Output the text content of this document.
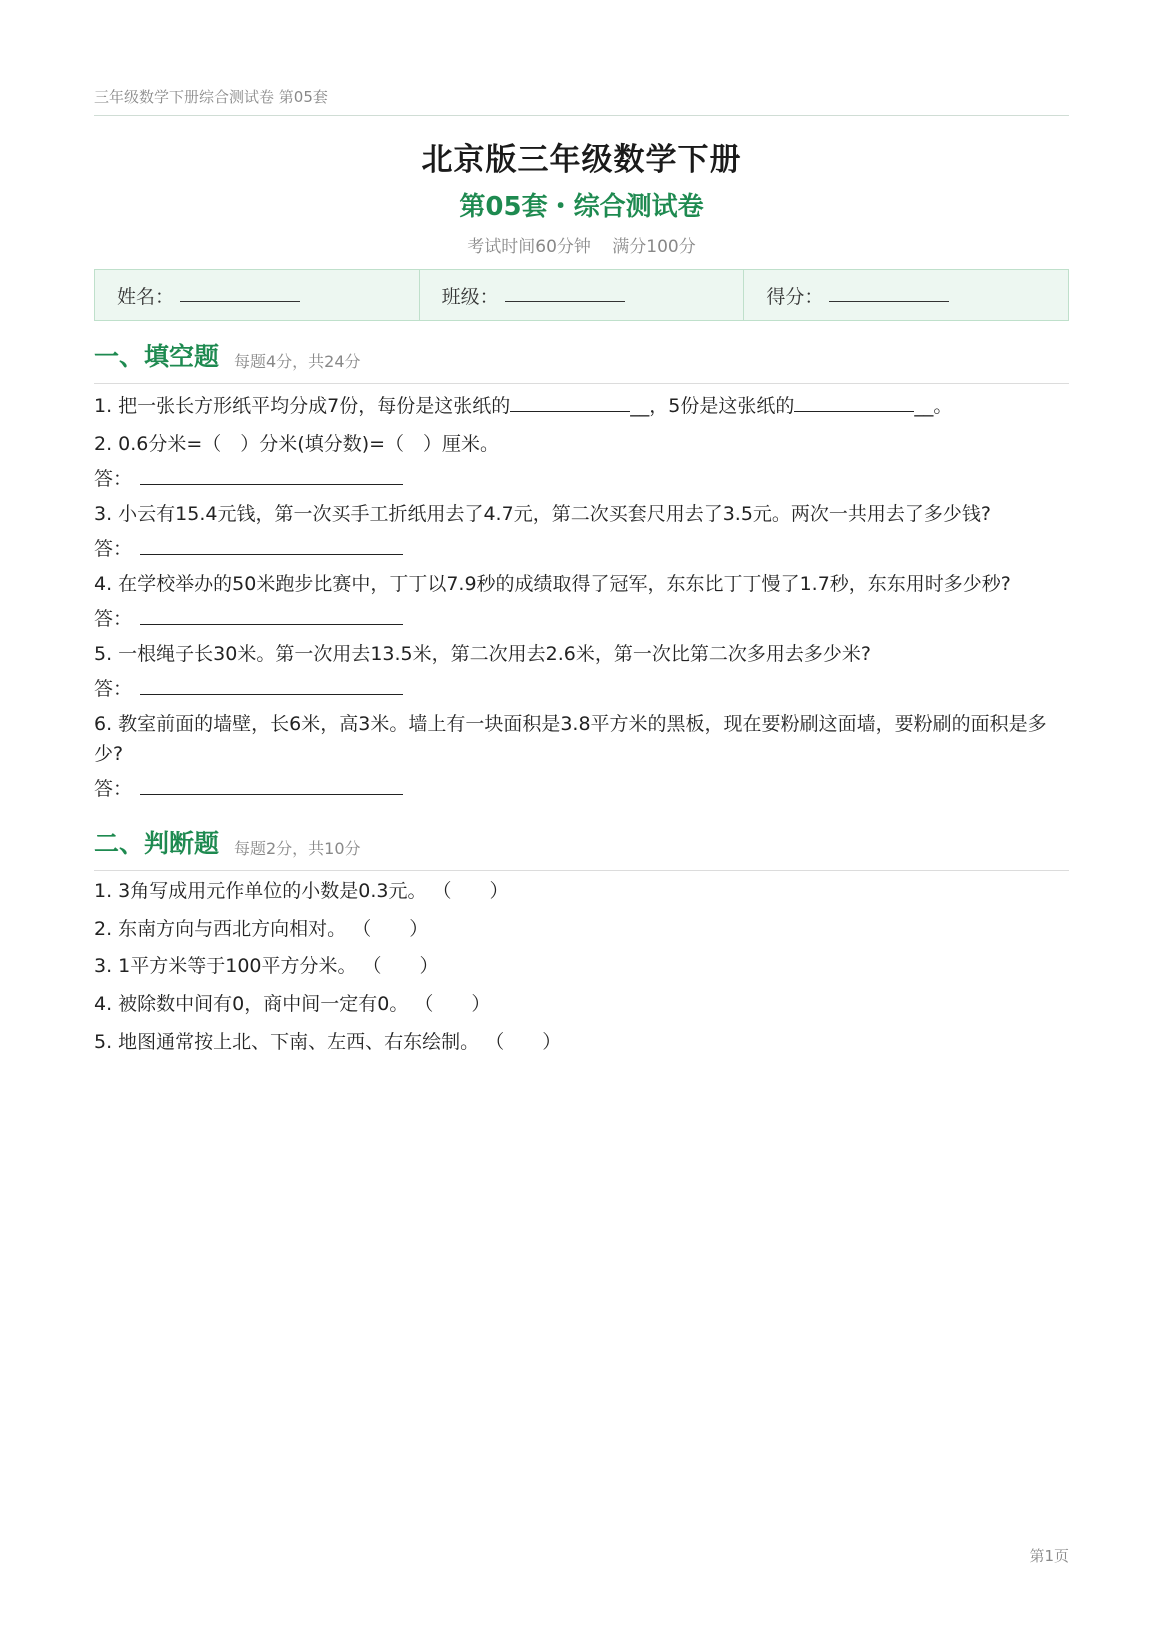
三年级数学下册综合测试卷 第05套
北京版三年级数学下册
第05套・综合测试卷
考试时间60分钟 满分100分
姓名：	班级：	得分：
一、填空题 每题4分，共24分
1. 把一张长方形纸平均分成7份，每份是这张纸的	__，5份是这张纸的	__。
2. 0.6分米=（　）分米(填分数)=（　）厘米。
答：
3. 小云有15.4元钱，第一次买手工折纸用去了4.7元，第二次买套尺用去了3.5元。两次一共用去了多少钱?
答：
4. 在学校举办的50米跑步比赛中，丁丁以7.9秒的成绩取得了冠军，东东比丁丁慢了1.7秒，东东用时多少秒?
答：
5. 一根绳子长30米。第一次用去13.5米，第二次用去2.6米，第一次比第二次多用去多少米?
答：
6. 教室前面的墙壁，长6米，高3米。墙上有一块面积是3.8平方米的黑板，现在要粉刷这面墙，要粉刷的面积是多少?
答：
二、判断题 每题2分，共10分
1. 3角写成用元作单位的小数是0.3元。 （　　）
2. 东南方向与西北方向相对。 （　　）
3. 1平方米等于100平方分米。 （　　）
4. 被除数中间有0，商中间一定有0。 （　　）
5. 地图通常按上北、下南、左西、右东绘制。 （　　）
第1页
